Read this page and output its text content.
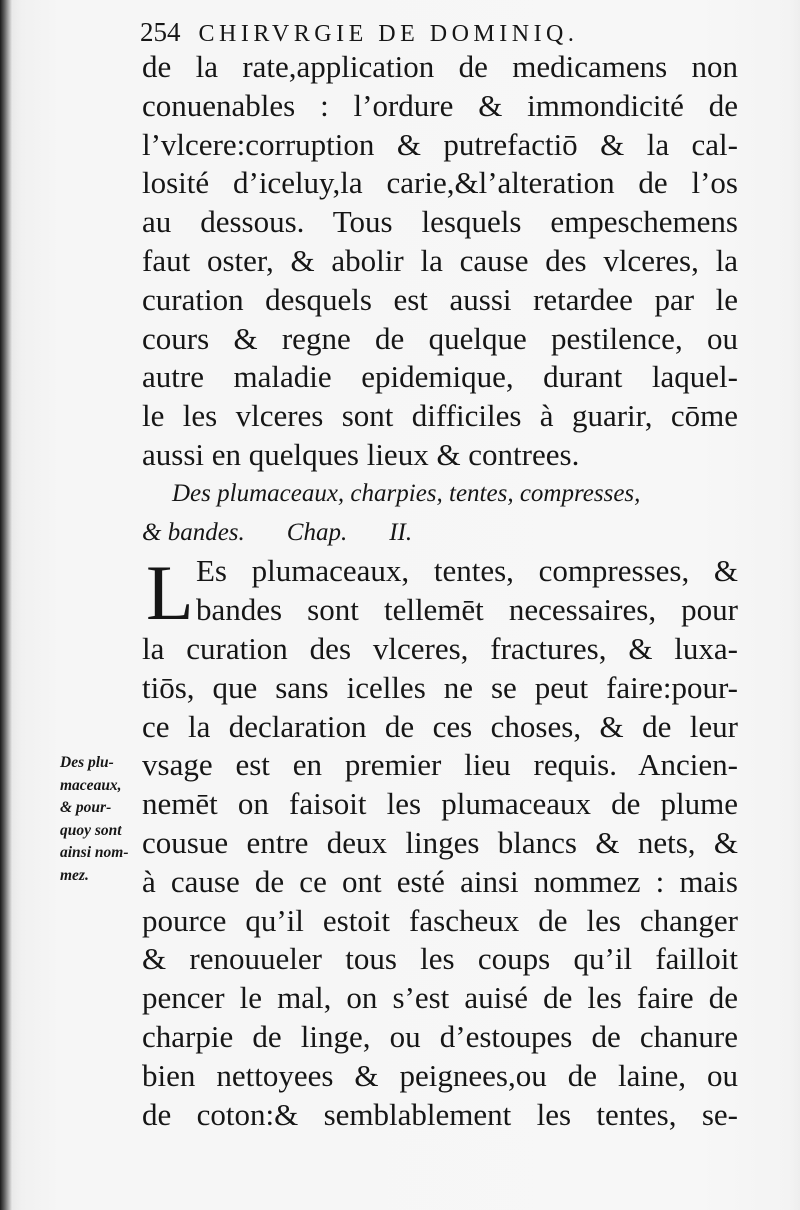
254 CHIRVRGIE DE DOMINIQ.
de la rate,application de medicamens non
conuenables : l’ordure & immondicité de
l’vlcere:corruption & putrefactiō & la cal-
losité d’iceluy,la carie,&l’alteration de l’os
au dessous. Tous lesquels empeschemens
faut oster, & abolir la cause des vlceres, la
curation desquels est aussi retardee par le
cours & regne de quelque pestilence, ou
autre maladie epidemique, durant laquel-
le les vlceres sont difficiles à guarir, cōme
aussi en quelques lieux & contrees.
Des plumaceaux, charpies, tentes, compresses,
& bandes. Chap. II.
Es plumaceaux, tentes, compresses, &
bandes sont tellemēt necessaires, pour
la curation des vlceres, fractures, & luxa-
tiōs, que sans icelles ne se peut faire:pour-
ce la declaration de ces choses, & de leur
vsage est en premier lieu requis. Ancien-
nemēt on faisoit les plumaceaux de plume
cousue entre deux linges blancs & nets, &
à cause de ce ont esté ainsi nommez : mais
pource qu’il estoit fascheux de les changer
& renouueler tous les coups qu’il failloit
pencer le mal, on s’est auisé de les faire de
charpie de linge, ou d’estoupes de chanure
bien nettoyees & peignees,ou de laine, ou
de coton:& semblablement les tentes, se-
L
Des plu-
maceaux,
& pour-
quoy sont
ainsi nom-
mez.
